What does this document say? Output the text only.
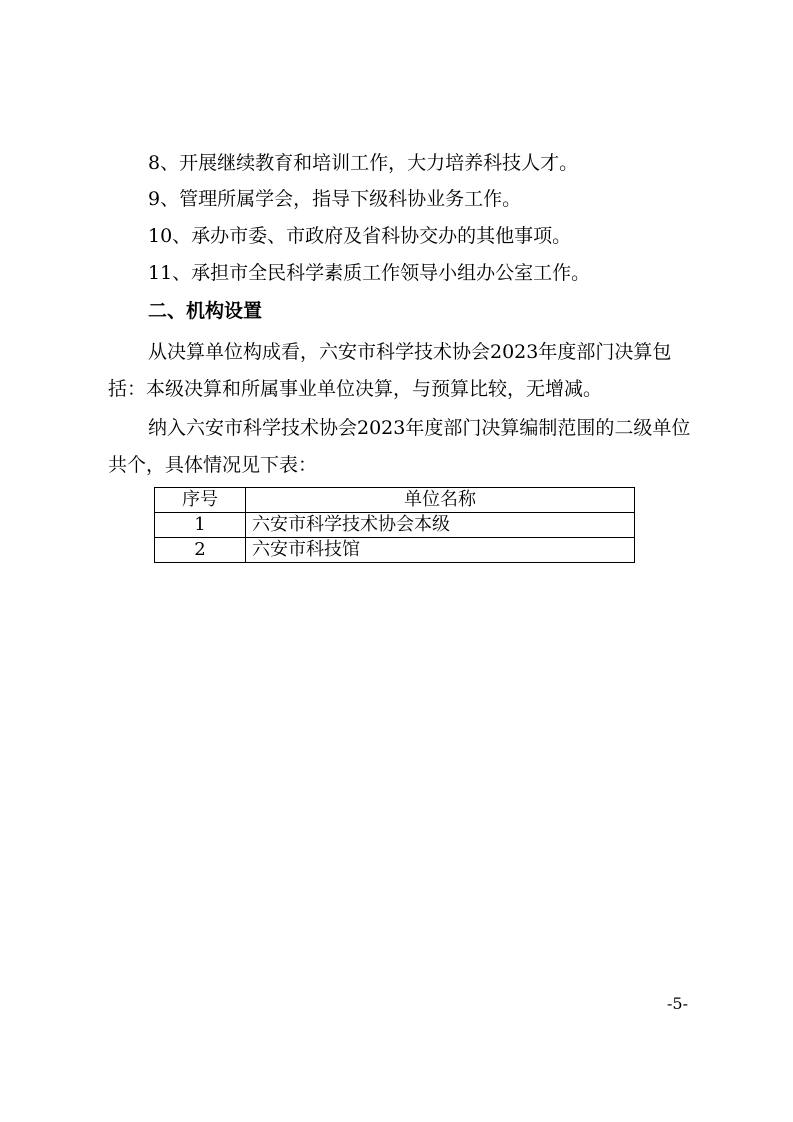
8、开展继续教育和培训工作，大力培养科技人才。

9、管理所属学会，指导下级科协业务工作。

10、承办市委、市政府及省科协交办的其他事项。

11、承担市全民科学素质工作领导小组办公室工作。

二、机构设置

从决算单位构成看，六安市科学技术协会2023年度部门决算包括：本级决算和所属事业单位决算，与预算比较，无增减。

纳入六安市科学技术协会2023年度部门决算编制范围的二级单位共个，具体情况见下表：

序号	单位名称
1	六安市科学技术协会本级
2	六安市科技馆
-5-
